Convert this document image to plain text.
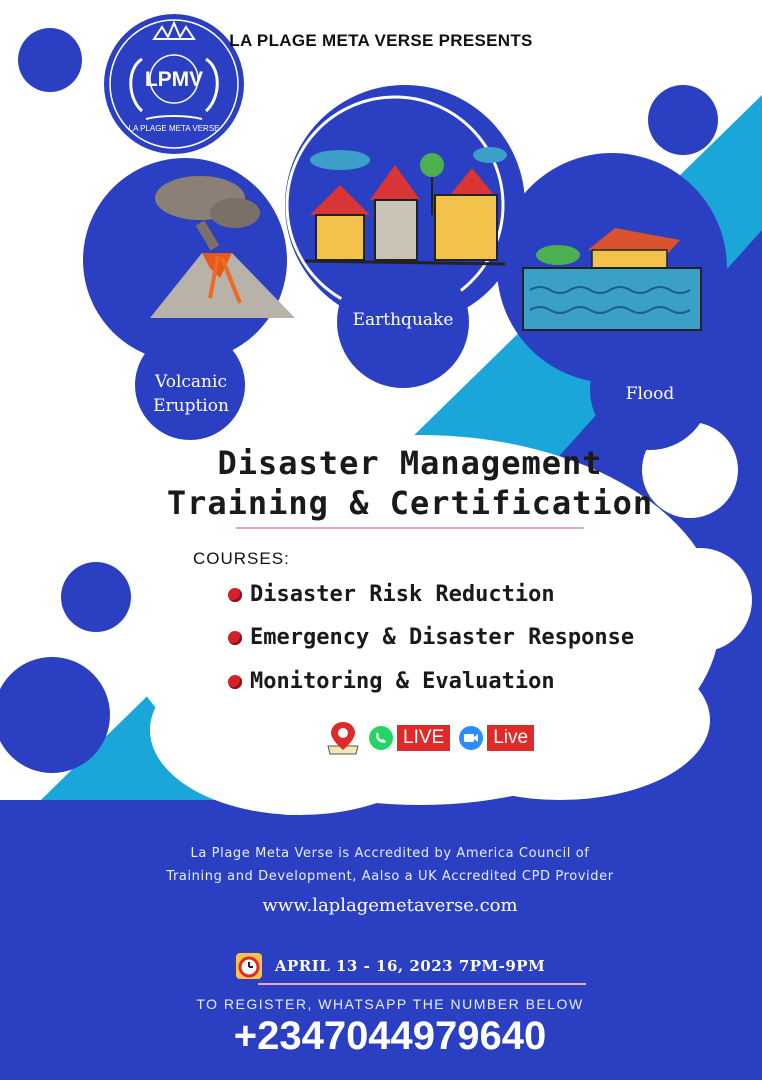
LPMV
LA PLAGE META VERSE
LA PLAGE META VERSE PRESENTS
Volcanic
Eruption
Earthquake
Flood
Disaster Management
Training & Certification
COURSES:
Disaster Risk Reduction
Emergency & Disaster Response
Monitoring & Evaluation
LIVE	Live
La Plage Meta Verse is Accredited by America Council of
Training and Development, Aalso a UK Accredited CPD Provider
www.laplagemetaverse.com
APRIL 13 - 16, 2023 7PM-9PM
TO REGISTER, WHATSAPP THE NUMBER BELOW
+2347044979640
